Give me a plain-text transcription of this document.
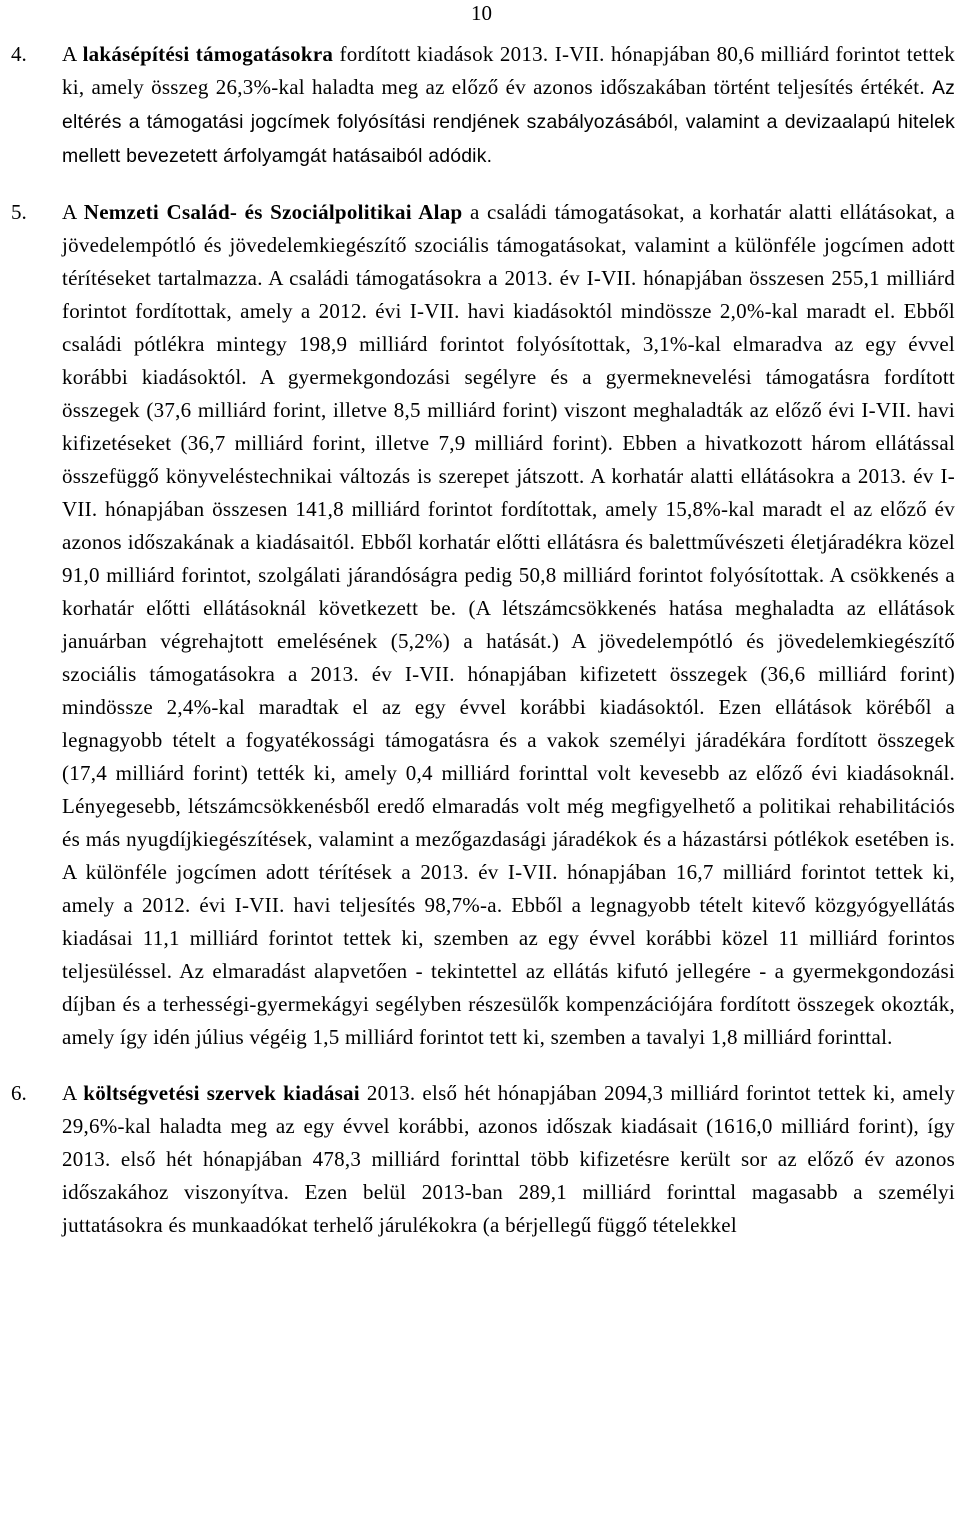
10
4. A lakásépítési támogatásokra fordított kiadások 2013. I-VII. hónapjában 80,6 milliárd forintot tettek ki, amely összeg 26,3%-kal haladta meg az előző év azonos időszakában történt teljesítés értékét. Az eltérés a támogatási jogcímek folyósítási rendjének szabályozásából, valamint a devizaalapú hitelek mellett bevezetett árfolyamgát hatásaiból adódik.
5. A Nemzeti Család- és Szociálpolitikai Alap a családi támogatásokat, a korhatár alatti ellátásokat, a jövedelempótló és jövedelemkiegészítő szociális támogatásokat, valamint a különféle jogcímen adott térítéseket tartalmazza. A családi támogatásokra a 2013. év I-VII. hónapjában összesen 255,1 milliárd forintot fordítottak, amely a 2012. évi I-VII. havi kiadásoktól mindössze 2,0%-kal maradt el. Ebből családi pótlékra mintegy 198,9 milliárd forintot folyósítottak, 3,1%-kal elmaradva az egy évvel korábbi kiadásoktól. A gyermekgondozási segélyre és a gyermeknevelési támogatásra fordított összegek (37,6 milliárd forint, illetve 8,5 milliárd forint) viszont meghaladták az előző évi I-VII. havi kifizetéseket (36,7 milliárd forint, illetve 7,9 milliárd forint). Ebben a hivatkozott három ellátással összefüggő könyveléstechnikai változás is szerepet játszott. A korhatár alatti ellátásokra a 2013. év I-VII. hónapjában összesen 141,8 milliárd forintot fordítottak, amely 15,8%-kal maradt el az előző év azonos időszakának a kiadásaitól. Ebből korhatár előtti ellátásra és balettművészeti életjáradékra közel 91,0 milliárd forintot, szolgálati járandóságra pedig 50,8 milliárd forintot folyósítottak. A csökkenés a korhatár előtti ellátásoknál következett be. (A létszámcsökkenés hatása meghaladta az ellátások januárban végrehajtott emelésének (5,2%) a hatását.) A jövedelempótló és jövedelemkiegészítő szociális támogatásokra a 2013. év I-VII. hónapjában kifizetett összegek (36,6 milliárd forint) mindössze 2,4%-kal maradtak el az egy évvel korábbi kiadásoktól. Ezen ellátások köréből a legnagyobb tételt a fogyatékossági támogatásra és a vakok személyi járadékára fordított összegek (17,4 milliárd forint) tették ki, amely 0,4 milliárd forinttal volt kevesebb az előző évi kiadásoknál. Lényegesebb, létszámcsökkenésből eredő elmaradás volt még megfigyelhető a politikai rehabilitációs és más nyugdíjkiegészítések, valamint a mezőgazdasági járadékok és a házastársi pótlékok esetében is. A különféle jogcímen adott térítések a 2013. év I-VII. hónapjában 16,7 milliárd forintot tettek ki, amely a 2012. évi I-VII. havi teljesítés 98,7%-a. Ebből a legnagyobb tételt kitevő közgyógyellátás kiadásai 11,1 milliárd forintot tettek ki, szemben az egy évvel korábbi közel 11 milliárd forintos teljesüléssel. Az elmaradást alapvetően - tekintettel az ellátás kifutó jellegére - a gyermekgondozási díjban és a terhességi-gyermekágyi segélyben részesülők kompenzációjára fordított összegek okozták, amely így idén július végéig 1,5 milliárd forintot tett ki, szemben a tavalyi 1,8 milliárd forinttal.
6. A költségvetési szervek kiadásai 2013. első hét hónapjában 2094,3 milliárd forintot tettek ki, amely 29,6%-kal haladta meg az egy évvel korábbi, azonos időszak kiadásait (1616,0 milliárd forint), így 2013. első hét hónapjában 478,3 milliárd forinttal több kifizetésre került sor az előző év azonos időszakához viszonyítva. Ezen belül 2013-ban 289,1 milliárd forinttal magasabb a személyi juttatásokra és munkaadókat terhelő járulékokra (a bérjellegű függő tételekkel
